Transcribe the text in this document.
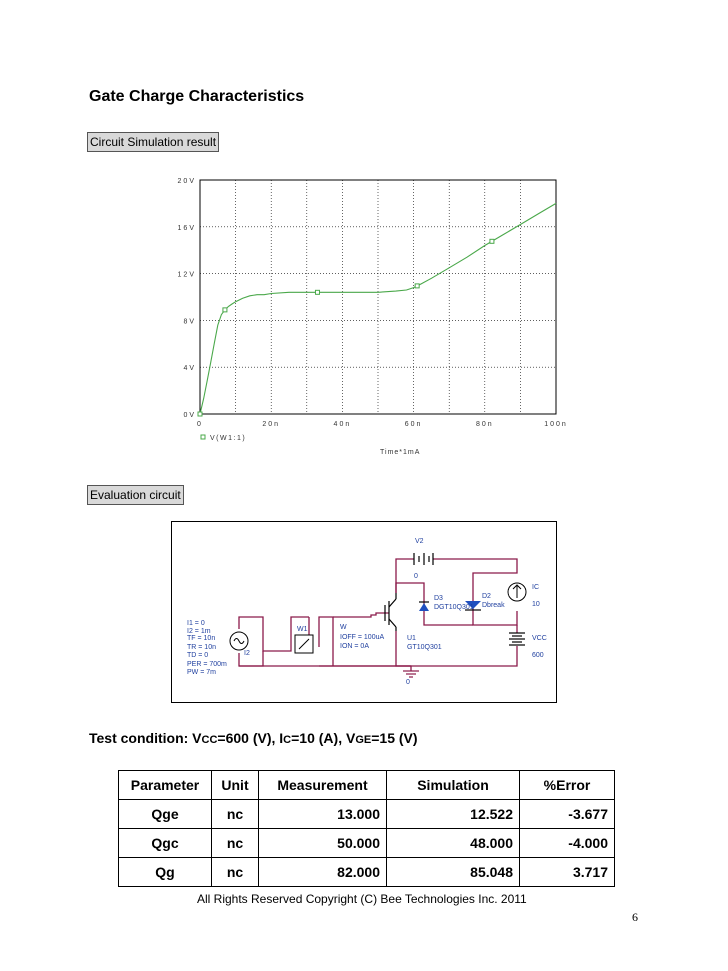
Gate Charge Characteristics
Circuit Simulation result
0	20n	40n	60n	80n	100n
0V
4V
8V
12V
16V
20V
V(W1:1)
Time*1mA
Evaluation circuit
I1 = 0
I2 = 1m
TF = 10n
TR = 10n
TD = 0
PER = 700m
PW = 7m
I2
W1	W
IOFF = 100uA
ION = 0A
V2
0
0
D3
DGT10Q301
D2
Dbreak
U1
GT10Q301
IC
10
VCC
600
Test condition: VCC=600 (V), IC=10 (A), VGE=15 (V)
Parameter	Unit	Measurement	Simulation	%Error
Qge	nc	13.000	12.522	-3.677
Qgc	nc	50.000	48.000	-4.000
Qg	nc	82.000	85.048	3.717
All Rights Reserved Copyright (C) Bee Technologies Inc. 2011
6
